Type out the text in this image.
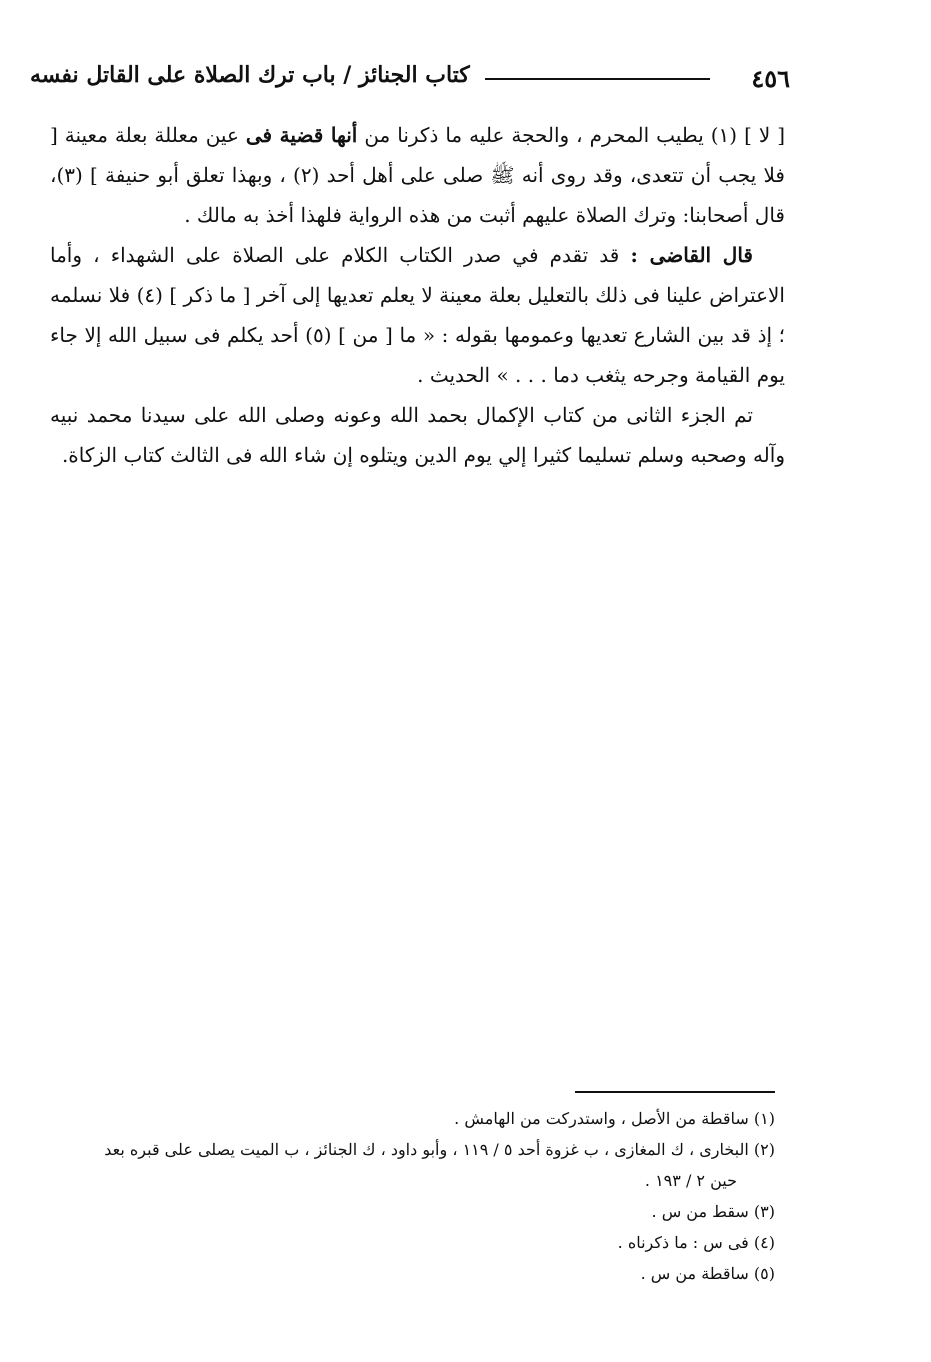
٤٥٦
كتاب الجنائز / باب ترك الصلاة على القاتل نفسه

[ لا ] (١) يطيب المحرم ، والحجة عليه ما ذكرنا من أنها قضية فى عين معللة بعلة معينة [ فلا يجب أن تتعدى، وقد روى أنه ﷺ صلى على أهل أحد (٢) ، وبهذا تعلق أبو حنيفة ] (٣)، قال أصحابنا: وترك الصلاة عليهم أثبت من هذه الرواية فلهذا أخذ به مالك .

قال القاضى : قد تقدم في صدر الكتاب الكلام على الصلاة على الشهداء ، وأما الاعتراض علينا فى ذلك بالتعليل بعلة معينة لا يعلم تعديها إلى آخر [ ما ذكر ] (٤) فلا نسلمه ؛ إذ قد بين الشارع تعديها وعمومها بقوله : « ما [ من ] (٥) أحد يكلم فى سبيل الله إلا جاء يوم القيامة وجرحه يثغب دما . . . » الحديث .

تم الجزء الثانى من كتاب الإكمال بحمد الله وعونه وصلى الله على سيدنا محمد نبيه وآله وصحبه وسلم تسليما كثيرا إلي يوم الدين ويتلوه إن شاء الله فى الثالث كتاب الزكاة.

(١) ساقطة من الأصل ، واستدركت من الهامش .

(٢) البخارى ، ك المغازى ، ب غزوة أحد ٥ / ١١٩ ، وأبو داود ، ك الجنائز ، ب الميت يصلى على قبره بعد

حين ٢ / ١٩٣ .

(٣) سقط من س .

(٤) فى س : ما ذكرناه .

(٥) ساقطة من س .
